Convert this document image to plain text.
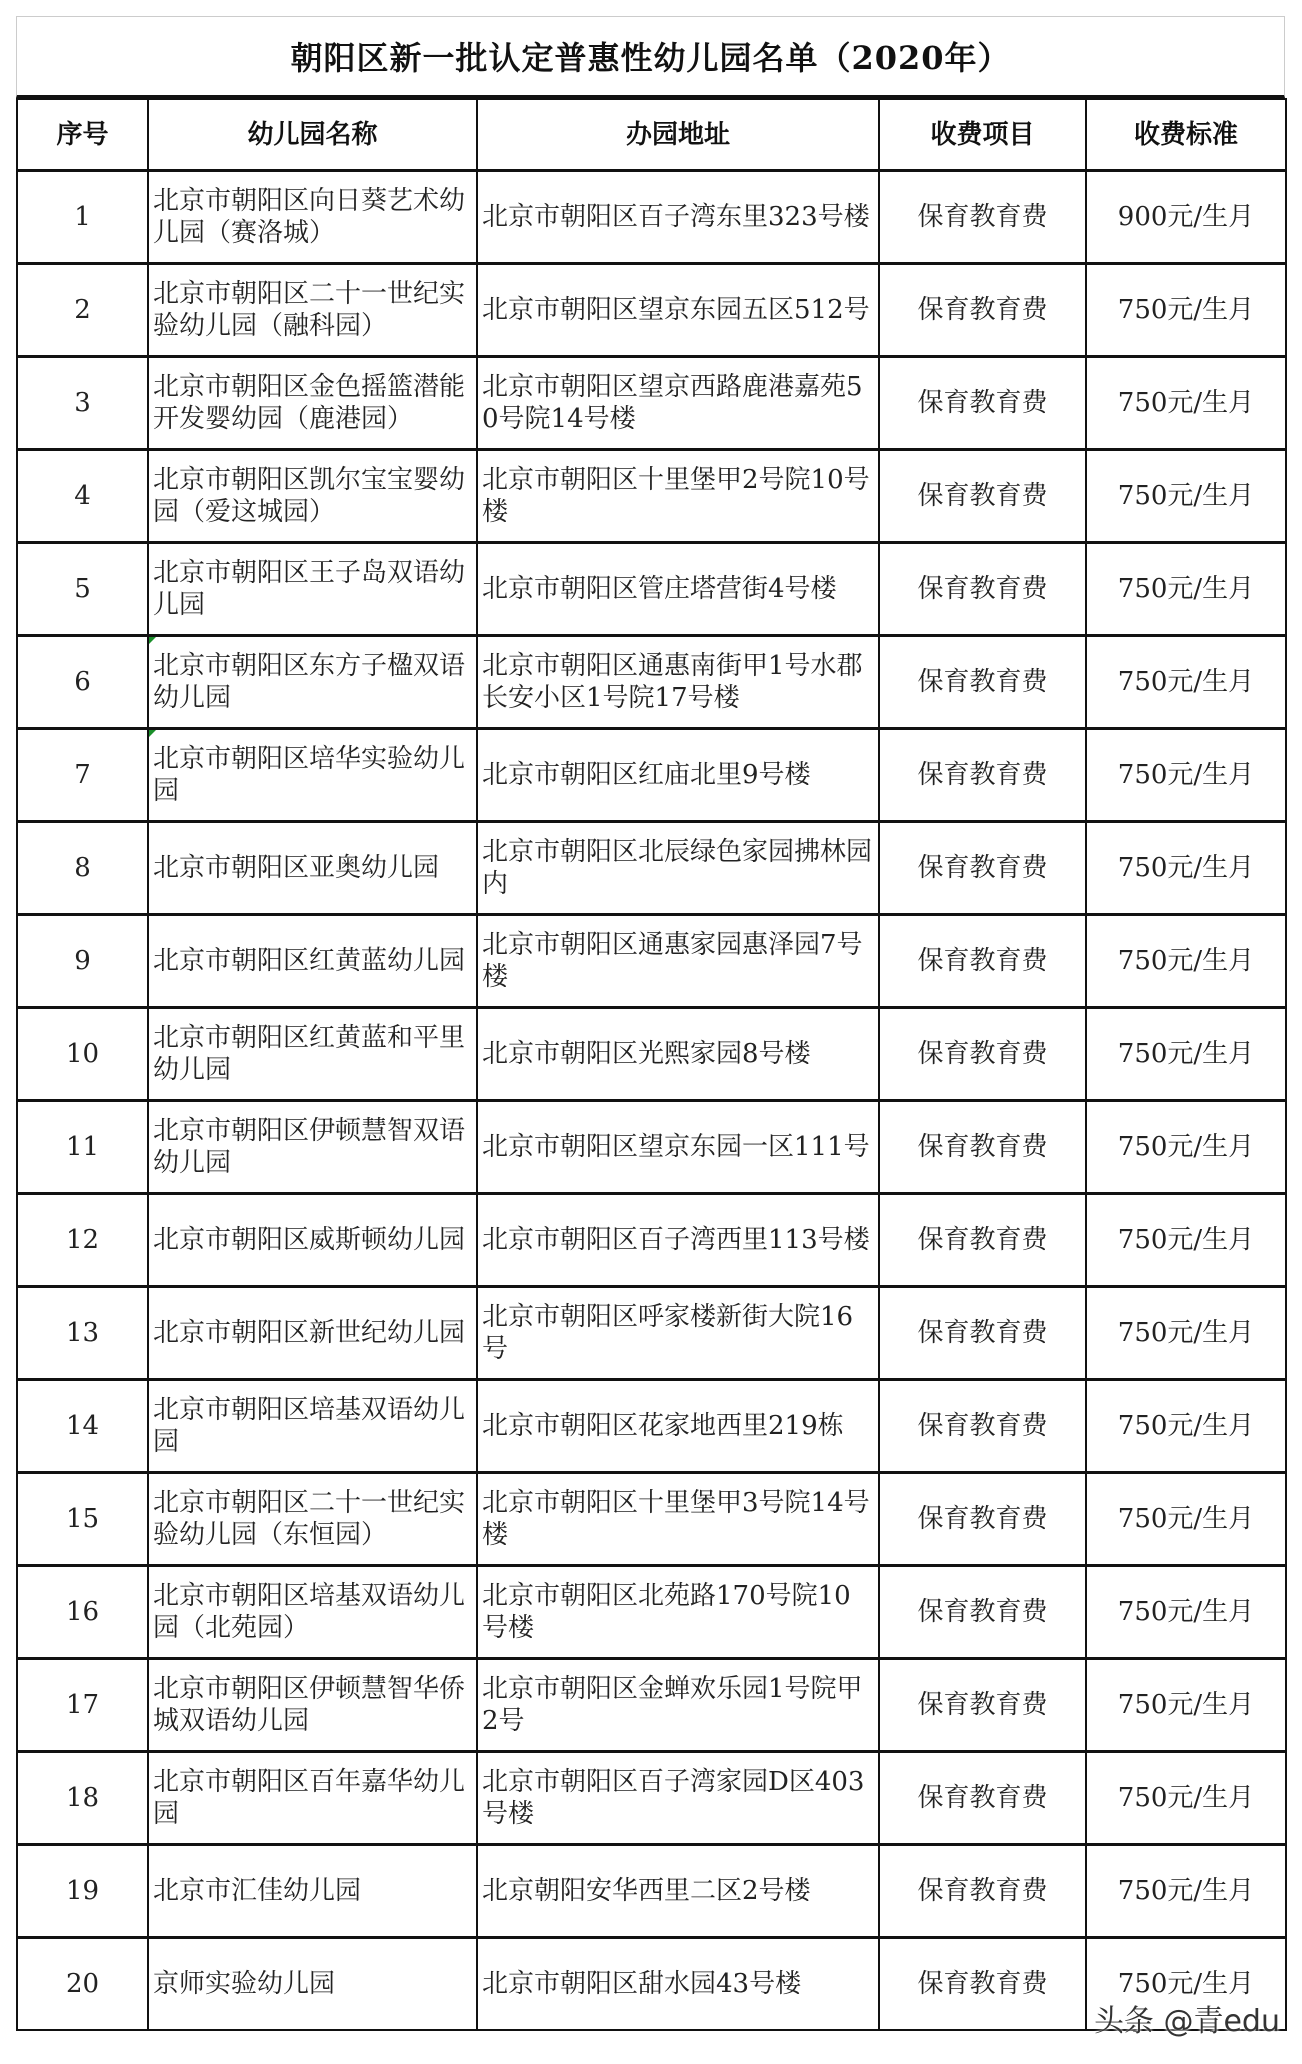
朝阳区新一批认定普惠性幼儿园名单（2020年）
序号	幼儿园名称	办园地址	收费项目	收费标准
1	北京市朝阳区向日葵艺术幼儿园（赛洛城）	北京市朝阳区百子湾东里323号楼	保育教育费	900元/生月
2	北京市朝阳区二十一世纪实验幼儿园（融科园）	北京市朝阳区望京东园五区512号	保育教育费	750元/生月
3	北京市朝阳区金色摇篮潜能开发婴幼园（鹿港园）	北京市朝阳区望京西路鹿港嘉苑50号院14号楼	保育教育费	750元/生月
4	北京市朝阳区凯尔宝宝婴幼园（爱这城园）	北京市朝阳区十里堡甲2号院10号楼	保育教育费	750元/生月
5	北京市朝阳区王子岛双语幼儿园	北京市朝阳区管庄塔营街4号楼	保育教育费	750元/生月
6	北京市朝阳区东方子楹双语幼儿园	北京市朝阳区通惠南街甲1号水郡长安小区1号院17号楼	保育教育费	750元/生月
7	北京市朝阳区培华实验幼儿园	北京市朝阳区红庙北里9号楼	保育教育费	750元/生月
8	北京市朝阳区亚奥幼儿园	北京市朝阳区北辰绿色家园拂林园内	保育教育费	750元/生月
9	北京市朝阳区红黄蓝幼儿园	北京市朝阳区通惠家园惠泽园7号楼	保育教育费	750元/生月
10	北京市朝阳区红黄蓝和平里幼儿园	北京市朝阳区光熙家园8号楼	保育教育费	750元/生月
11	北京市朝阳区伊顿慧智双语幼儿园	北京市朝阳区望京东园一区111号	保育教育费	750元/生月
12	北京市朝阳区威斯顿幼儿园	北京市朝阳区百子湾西里113号楼	保育教育费	750元/生月
13	北京市朝阳区新世纪幼儿园	北京市朝阳区呼家楼新街大院16号	保育教育费	750元/生月
14	北京市朝阳区培基双语幼儿园	北京市朝阳区花家地西里219栋	保育教育费	750元/生月
15	北京市朝阳区二十一世纪实验幼儿园（东恒园）	北京市朝阳区十里堡甲3号院14号楼	保育教育费	750元/生月
16	北京市朝阳区培基双语幼儿园（北苑园）	北京市朝阳区北苑路170号院10号楼	保育教育费	750元/生月
17	北京市朝阳区伊顿慧智华侨城双语幼儿园	北京市朝阳区金蝉欢乐园1号院甲2号	保育教育费	750元/生月
18	北京市朝阳区百年嘉华幼儿园	北京市朝阳区百子湾家园D区403号楼	保育教育费	750元/生月
19	北京市汇佳幼儿园	北京朝阳安华西里二区2号楼	保育教育费	750元/生月
20	京师实验幼儿园	北京市朝阳区甜水园43号楼	保育教育费	750元/生月
头条 @青edu
